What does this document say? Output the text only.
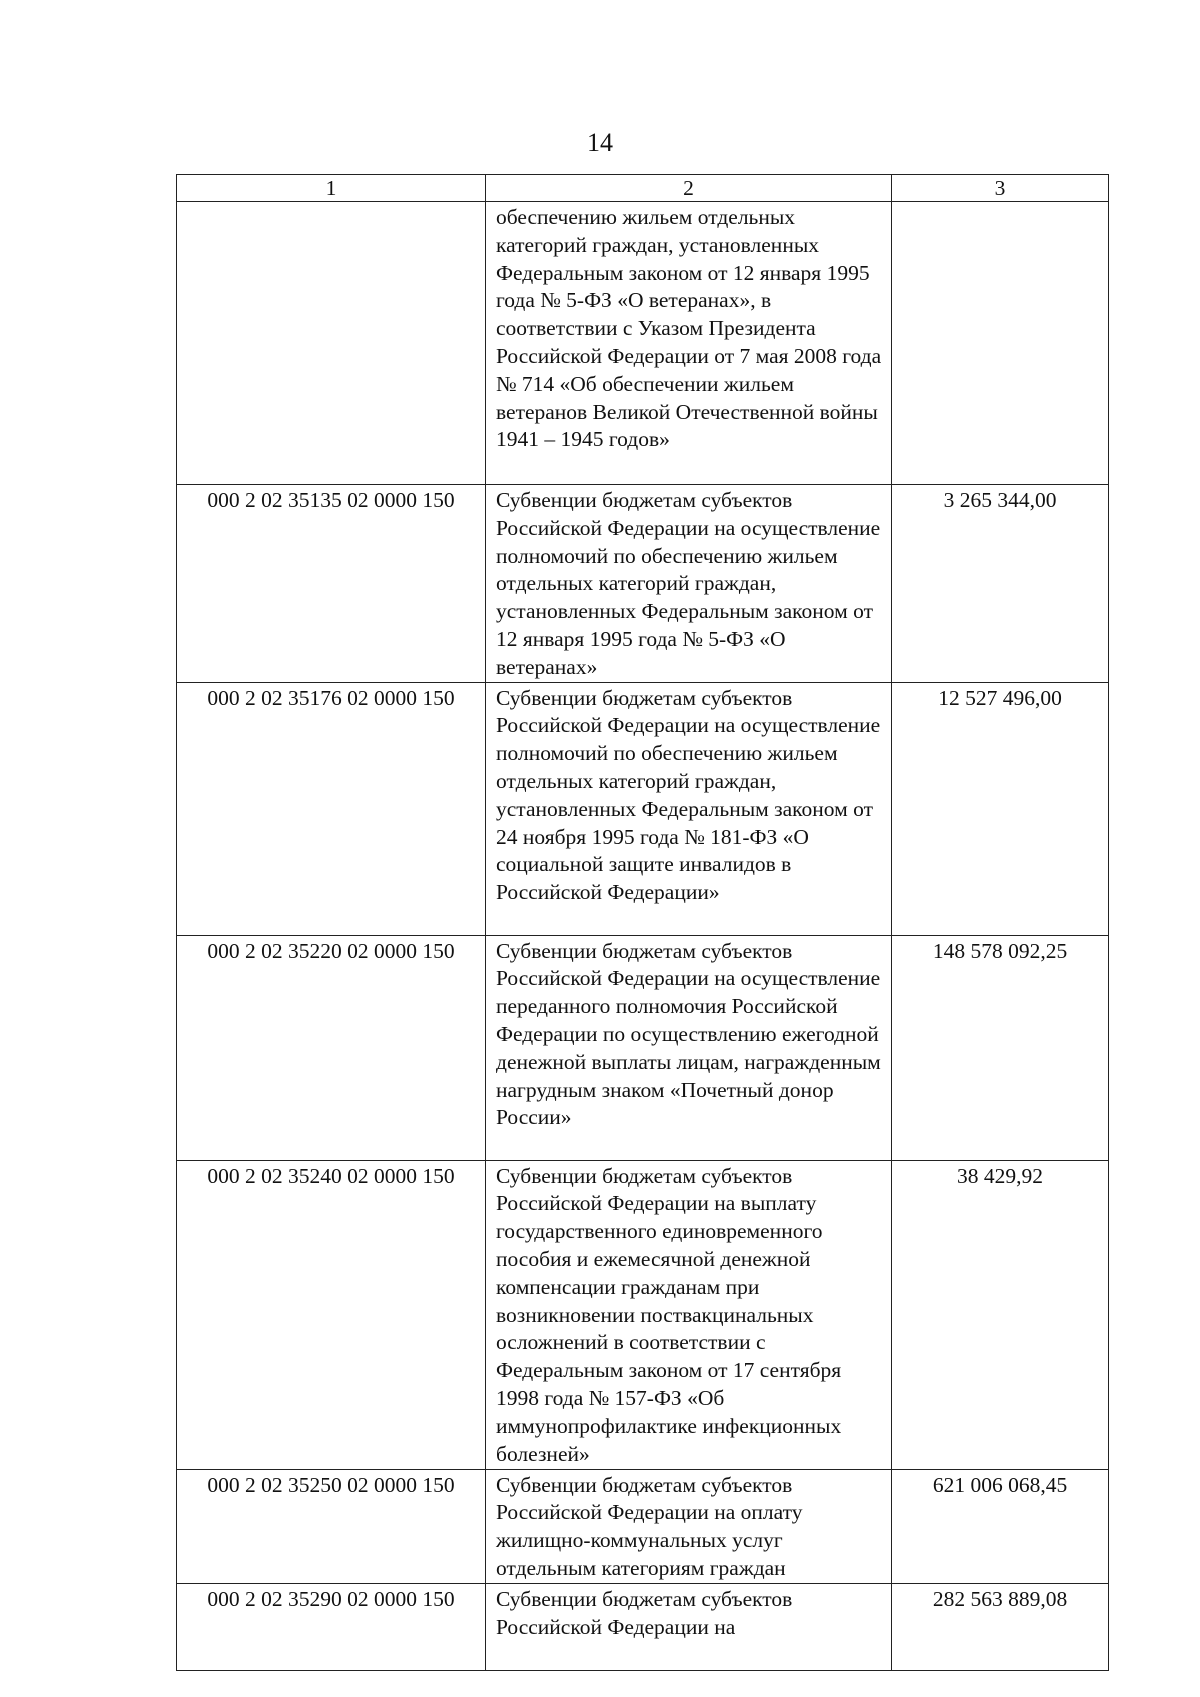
14
1	2	3
	обеспечению жильем отдельных категорий граждан, установленных Федеральным законом от 12 января 1995 года № 5-ФЗ «О ветеранах», в соответствии с Указом Президента Российской Федерации от 7 мая 2008 года № 714 «Об обеспечении жильем ветеранов Великой Отечественной войны 1941 – 1945 годов»	
000 2 02 35135 02 0000 150	Субвенции бюджетам субъектов Российской Федерации на осуществление полномочий по обеспечению жильем отдельных категорий граждан, установленных Федеральным законом от 12 января 1995 года № 5-ФЗ «О ветеранах»	3 265 344,00
000 2 02 35176 02 0000 150	Субвенции бюджетам субъектов Российской Федерации на осуществление полномочий по обеспечению жильем отдельных категорий граждан, установленных Федеральным законом от 24 ноября 1995 года № 181-ФЗ «О социальной защите инвалидов в Российской Федерации»	12 527 496,00
000 2 02 35220 02 0000 150	Субвенции бюджетам субъектов Российской Федерации на осуществление переданного полномочия Российской Федерации по осуществлению ежегодной денежной выплаты лицам, награжденным нагрудным знаком «Почетный донор России»	148 578 092,25
000 2 02 35240 02 0000 150	Субвенции бюджетам субъектов Российской Федерации на выплату государственного единовременного пособия и ежемесячной денежной компенсации гражданам при возникновении поствакцинальных осложнений в соответствии с Федеральным законом от 17 сентября 1998 года № 157-ФЗ «Об иммунопрофилактике инфекционных болезней»	38 429,92
000 2 02 35250 02 0000 150	Субвенции бюджетам субъектов Российской Федерации на оплату жилищно-коммунальных услуг отдельным категориям граждан	621 006 068,45
000 2 02 35290 02 0000 150	Субвенции бюджетам субъектов Российской Федерации на	282 563 889,08
